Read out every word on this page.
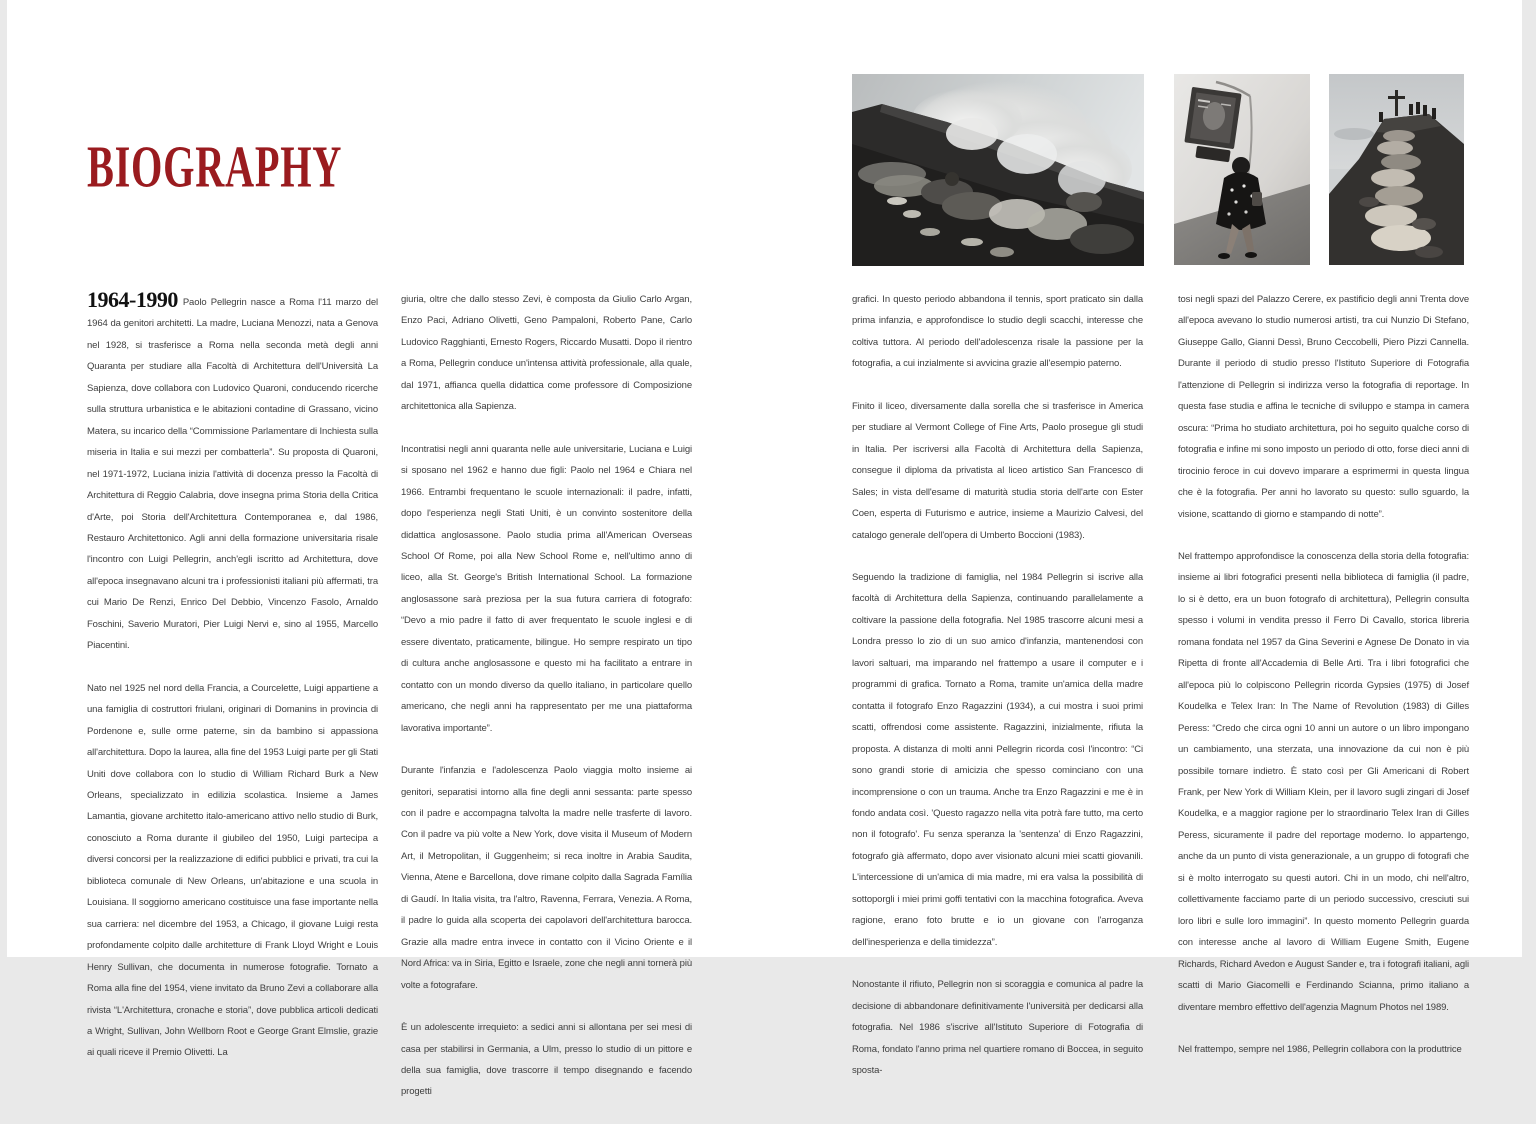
BIOGRAPHY

1964-1990 Paolo Pellegrin nasce a Roma l'11 marzo del 1964 da genitori architetti. La madre, Luciana Menozzi, nata a Genova nel 1928, si trasferisce a Roma nella seconda metà degli anni Quaranta per studiare alla Facoltà di Architettura dell'Università La Sapienza, dove collabora con Ludovico Quaroni, conducendo ricerche sulla struttura urbanistica e le abitazioni contadine di Grassano, vicino Matera, su incarico della “Commissione Parlamentare di Inchiesta sulla miseria in Italia e sui mezzi per combatterla”. Su proposta di Quaroni, nel 1971-1972, Luciana inizia l'attività di docenza presso la Facoltà di Architettura di Reggio Calabria, dove insegna prima Storia della Critica d'Arte, poi Storia dell'Architettura Contemporanea e, dal 1986, Restauro Architettonico. Agli anni della formazione universitaria risale l'incontro con Luigi Pellegrin, anch'egli iscritto ad Architettura, dove all'epoca insegnavano alcuni tra i professionisti italiani più affermati, tra cui Mario De Renzi, Enrico Del Debbio, Vincenzo Fasolo, Arnaldo Foschini, Saverio Muratori, Pier Luigi Nervi e, sino al 1955, Marcello Piacentini.

Nato nel 1925 nel nord della Francia, a Courcelette, Luigi appartiene a una famiglia di costruttori friulani, originari di Domanins in provincia di Pordenone e, sulle orme paterne, sin da bambino si appassiona all'architettura. Dopo la laurea, alla fine del 1953 Luigi parte per gli Stati Uniti dove collabora con lo studio di William Richard Burk a New Orleans, specializzato in edilizia scolastica. Insieme a James Lamantia, giovane architetto italo-americano attivo nello studio di Burk, conosciuto a Roma durante il giubileo del 1950, Luigi partecipa a diversi concorsi per la realizzazione di edifici pubblici e privati, tra cui la biblioteca comunale di New Orleans, un'abitazione e una scuola in Louisiana. Il soggiorno americano costituisce una fase importante nella sua carriera: nel dicembre del 1953, a Chicago, il giovane Luigi resta profondamente colpito dalle architetture di Frank Lloyd Wright e Louis Henry Sullivan, che documenta in numerose fotografie. Tornato a Roma alla fine del 1954, viene invitato da Bruno Zevi a collaborare alla rivista “L'Architettura, cronache e storia”, dove pubblica articoli dedicati a Wright, Sullivan, John Wellborn Root e George Grant Elmslie, grazie ai quali riceve il Premio Olivetti. La

giuria, oltre che dallo stesso Zevi, è composta da Giulio Carlo Argan, Enzo Paci, Adriano Olivetti, Geno Pampaloni, Roberto Pane, Carlo Ludovico Ragghianti, Ernesto Rogers, Riccardo Musatti. Dopo il rientro a Roma, Pellegrin conduce un'intensa attività professionale, alla quale, dal 1971, affianca quella didattica come professore di Composizione architettonica alla Sapienza.

Incontratisi negli anni quaranta nelle aule universitarie, Luciana e Luigi si sposano nel 1962 e hanno due figli: Paolo nel 1964 e Chiara nel 1966. Entrambi frequentano le scuole internazionali: il padre, infatti, dopo l'esperienza negli Stati Uniti, è un convinto sostenitore della didattica anglosassone. Paolo studia prima all'American Overseas School Of Rome, poi alla New School Rome e, nell'ultimo anno di liceo, alla St. George's British International School. La formazione anglosassone sarà preziosa per la sua futura carriera di fotografo: “Devo a mio padre il fatto di aver frequentato le scuole inglesi e di essere diventato, praticamente, bilingue. Ho sempre respirato un tipo di cultura anche anglosassone e questo mi ha facilitato a entrare in contatto con un mondo diverso da quello italiano, in particolare quello americano, che negli anni ha rappresentato per me una piattaforma lavorativa importante”.

Durante l'infanzia e l'adolescenza Paolo viaggia molto insieme ai genitori, separatisi intorno alla fine degli anni sessanta: parte spesso con il padre e accompagna talvolta la madre nelle trasferte di lavoro. Con il padre va più volte a New York, dove visita il Museum of Modern Art, il Metropolitan, il Guggenheim; si reca inoltre in Arabia Saudita, Vienna, Atene e Barcellona, dove rimane colpito dalla Sagrada Família di Gaudí. In Italia visita, tra l'altro, Ravenna, Ferrara, Venezia. A Roma, il padre lo guida alla scoperta dei capolavori dell'architettura barocca. Grazie alla madre entra invece in contatto con il Vicino Oriente e il Nord Africa: va in Siria, Egitto e Israele, zone che negli anni tornerà più volte a fotografare.

È un adolescente irrequieto: a sedici anni si allontana per sei mesi di casa per stabilirsi in Germania, a Ulm, presso lo studio di un pittore e della sua famiglia, dove trascorre il tempo disegnando e facendo progetti

grafici. In questo periodo abbandona il tennis, sport praticato sin dalla prima infanzia, e approfondisce lo studio degli scacchi, interesse che coltiva tuttora. Al periodo dell'adolescenza risale la passione per la fotografia, a cui inzialmente si avvicina grazie all'esempio paterno.

Finito il liceo, diversamente dalla sorella che si trasferisce in America per studiare al Vermont College of Fine Arts, Paolo prosegue gli studi in Italia. Per iscriversi alla Facoltà di Architettura della Sapienza, consegue il diploma da privatista al liceo artistico San Francesco di Sales; in vista dell'esame di maturità studia storia dell'arte con Ester Coen, esperta di Futurismo e autrice, insieme a Maurizio Calvesi, del catalogo generale dell'opera di Umberto Boccioni (1983).

Seguendo la tradizione di famiglia, nel 1984 Pellegrin si iscrive alla facoltà di Architettura della Sapienza, continuando parallelamente a coltivare la passione della fotografia. Nel 1985 trascorre alcuni mesi a Londra presso lo zio di un suo amico d'infanzia, mantenendosi con lavori saltuari, ma imparando nel frattempo a usare il computer e i programmi di grafica. Tornato a Roma, tramite un'amica della madre contatta il fotografo Enzo Ragazzini (1934), a cui mostra i suoi primi scatti, offrendosi come assistente. Ragazzini, inizialmente, rifiuta la proposta. A distanza di molti anni Pellegrin ricorda così l'incontro: “Ci sono grandi storie di amicizia che spesso cominciano con una incomprensione o con un trauma. Anche tra Enzo Ragazzini e me è in fondo andata così. 'Questo ragazzo nella vita potrà fare tutto, ma certo non il fotografo'. Fu senza speranza la 'sentenza' di Enzo Ragazzini, fotografo già affermato, dopo aver visionato alcuni miei scatti giovanili. L'intercessione di un'amica di mia madre, mi era valsa la possibilità di sottoporgli i miei primi goffi tentativi con la macchina fotografica. Aveva ragione, erano foto brutte e io un giovane con l'arroganza dell'inesperienza e della timidezza”.

Nonostante il rifiuto, Pellegrin non si scoraggia e comunica al padre la decisione di abbandonare definitivamente l'università per dedicarsi alla fotografia. Nel 1986 s'iscrive all'Istituto Superiore di Fotografia di Roma, fondato l'anno prima nel quartiere romano di Boccea, in seguito sposta-

tosi negli spazi del Palazzo Cerere, ex pastificio degli anni Trenta dove all'epoca avevano lo studio numerosi artisti, tra cui Nunzio Di Stefano, Giuseppe Gallo, Gianni Dessì, Bruno Ceccobelli, Piero Pizzi Cannella. Durante il periodo di studio presso l'Istituto Superiore di Fotografia l'attenzione di Pellegrin si indirizza verso la fotografia di reportage. In questa fase studia e affina le tecniche di sviluppo e stampa in camera oscura: “Prima ho studiato architettura, poi ho seguito qualche corso di fotografia e infine mi sono imposto un periodo di otto, forse dieci anni di tirocinio feroce in cui dovevo imparare a esprimermi in questa lingua che è la fotografia. Per anni ho lavorato su questo: sullo sguardo, la visione, scattando di giorno e stampando di notte”.

Nel frattempo approfondisce la conoscenza della storia della fotografia: insieme ai libri fotografici presenti nella biblioteca di famiglia (il padre, lo si è detto, era un buon fotografo di architettura), Pellegrin consulta spesso i volumi in vendita presso il Ferro Di Cavallo, storica libreria romana fondata nel 1957 da Gina Severini e Agnese De Donato in via Ripetta di fronte all'Accademia di Belle Arti. Tra i libri fotografici che all'epoca più lo colpiscono Pellegrin ricorda Gypsies (1975) di Josef Koudelka e Telex Iran: In The Name of Revolution (1983) di Gilles Peress: “Credo che circa ogni 10 anni un autore o un libro impongano un cambiamento, una sterzata, una innovazione da cui non è più possibile tornare indietro. È stato così per Gli Americani di Robert Frank, per New York di William Klein, per il lavoro sugli zingari di Josef Koudelka, e a maggior ragione per lo straordinario Telex Iran di Gilles Peress, sicuramente il padre del reportage moderno. Io appartengo, anche da un punto di vista generazionale, a un gruppo di fotografi che si è molto interrogato su questi autori. Chi in un modo, chi nell'altro, collettivamente facciamo parte di un periodo successivo, cresciuti sui loro libri e sulle loro immagini”. In questo momento Pellegrin guarda con interesse anche al lavoro di William Eugene Smith, Eugene Richards, Richard Avedon e August Sander e, tra i fotografi italiani, agli scatti di Mario Giacomelli e Ferdinando Scianna, primo italiano a diventare membro effettivo dell'agenzia Magnum Photos nel 1989.

Nel frattempo, sempre nel 1986, Pellegrin collabora con la produttrice
